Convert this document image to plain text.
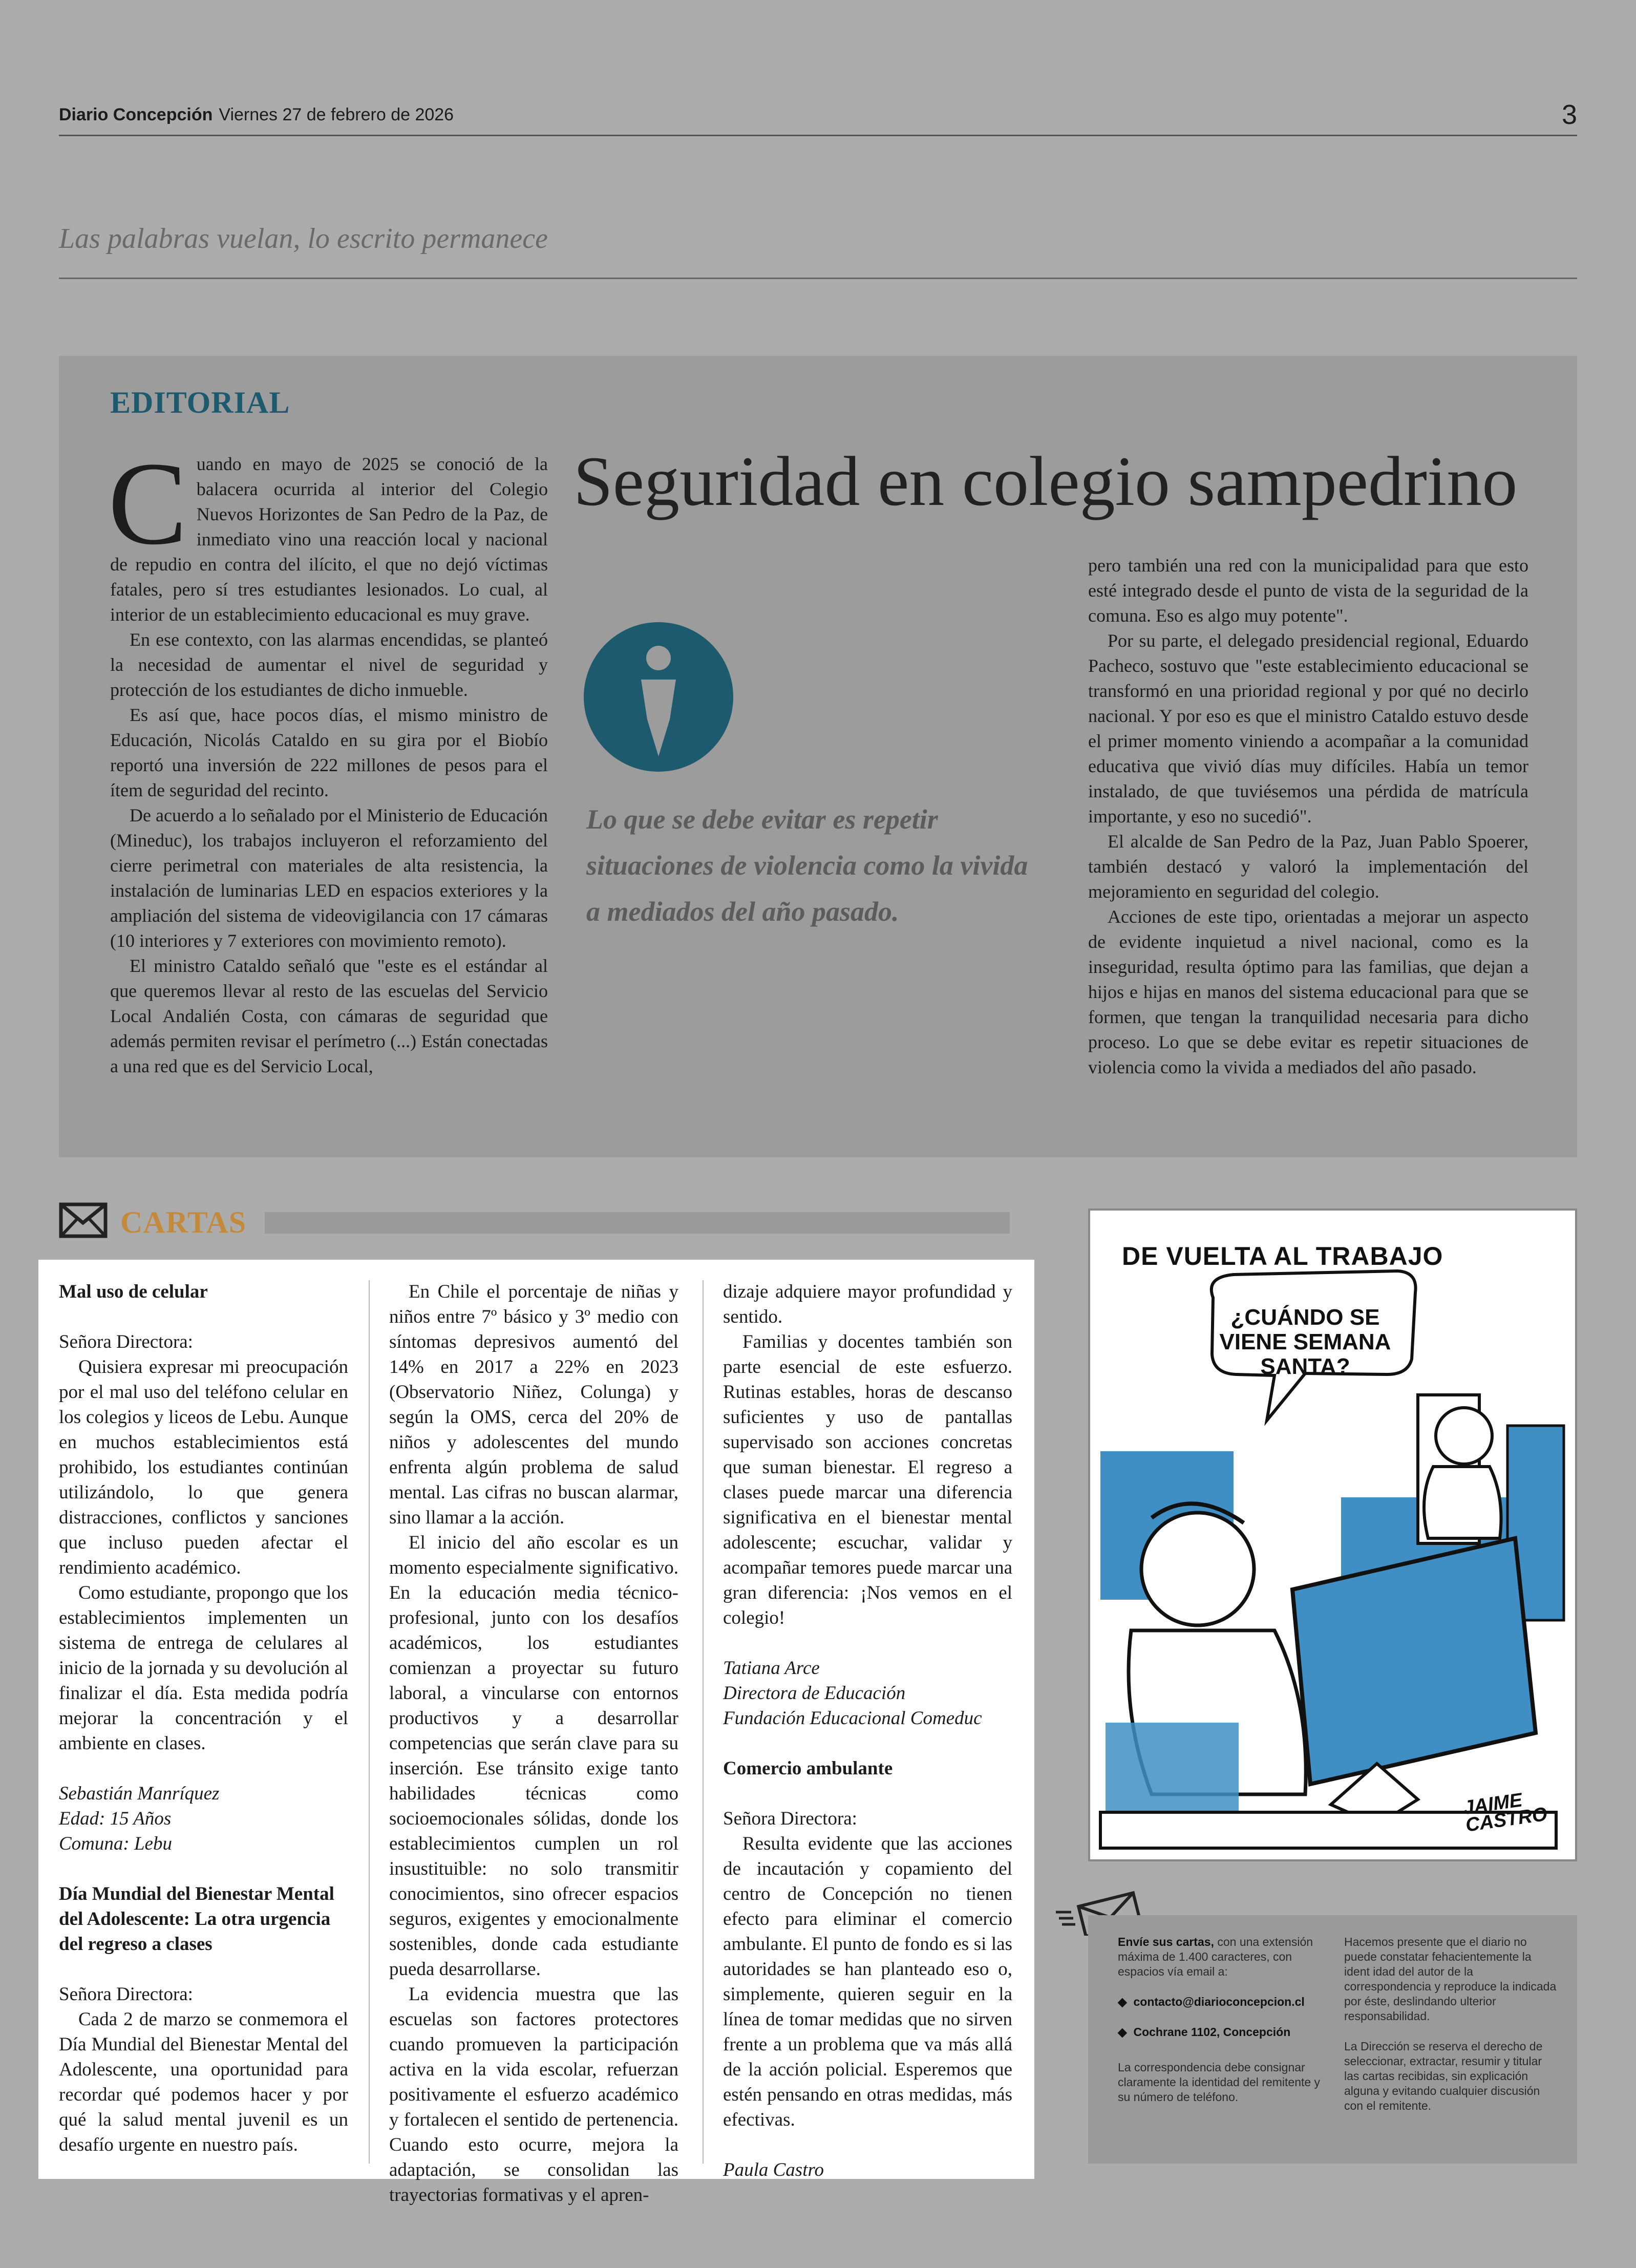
Diario Concepción Viernes 27 de febrero de 2026	3
Las palabras vuelan, lo escrito permanece
EDITORIAL
Seguridad en colegio sampedrino

Cuando en mayo de 2025 se conoció de la balacera ocurrida al interior del Colegio Nuevos Horizontes de San Pedro de la Paz, de inmediato vino una reacción local y nacional de repudio en contra del ilícito, el que no dejó víctimas fatales, pero sí tres estudiantes lesionados. Lo cual, al interior de un establecimiento educacional es muy grave.

En ese contexto, con las alarmas encendidas, se planteó la necesidad de aumentar el nivel de seguridad y protección de los estudiantes de dicho inmueble.

Es así que, hace pocos días, el mismo ministro de Educación, Nicolás Cataldo en su gira por el Biobío reportó una inversión de 222 millones de pesos para el ítem de seguridad del recinto.

De acuerdo a lo señalado por el Ministerio de Educación (Mineduc), los trabajos incluyeron el reforzamiento del cierre perimetral con materiales de alta resistencia, la instalación de luminarias LED en espacios exteriores y la ampliación del sistema de videovigilancia con 17 cámaras (10 interiores y 7 exteriores con movimiento remoto).

El ministro Cataldo señaló que "este es el estándar al que queremos llevar al resto de las escuelas del Servicio Local Andalién Costa, con cámaras de seguridad que además permiten revisar el perímetro (...) Están conectadas a una red que es del Servicio Local,

Lo que se debe evitar es repetir situaciones de violencia como la vivida a mediados del año pasado.

pero también una red con la municipalidad para que esto esté integrado desde el punto de vista de la seguridad de la comuna. Eso es algo muy potente".

Por su parte, el delegado presidencial regional, Eduardo Pacheco, sostuvo que "este establecimiento educacional se transformó en una prioridad regional y por qué no decirlo nacional. Y por eso es que el ministro Cataldo estuvo desde el primer momento viniendo a acompañar a la comunidad educativa que vivió días muy difíciles. Había un temor instalado, de que tuviésemos una pérdida de matrícula importante, y eso no sucedió".

El alcalde de San Pedro de la Paz, Juan Pablo Spoerer, también destacó y valoró la implementación del mejoramiento en seguridad del colegio.

Acciones de este tipo, orientadas a mejorar un aspecto de evidente inquietud a nivel nacional, como es la inseguridad, resulta óptimo para las familias, que dejan a hijos e hijas en manos del sistema educacional para que se formen, que tengan la tranquilidad necesaria para dicho proceso. Lo que se debe evitar es repetir situaciones de violencia como la vivida a mediados del año pasado.

CARTAS

Mal uso de celular

Señora Directora:

Quisiera expresar mi preocupación por el mal uso del teléfono celular en los colegios y liceos de Lebu. Aunque en muchos establecimientos está prohibido, los estudiantes continúan utilizándolo, lo que genera distracciones, conflictos y sanciones que incluso pueden afectar el rendimiento académico.

Como estudiante, propongo que los establecimientos implementen un sistema de entrega de celulares al inicio de la jornada y su devolución al finalizar el día. Esta medida podría mejorar la concentración y el ambiente en clases.

Sebastián Manríquez

Edad: 15 Años

Comuna: Lebu

Día Mundial del Bienestar Mental del Adolescente: La otra urgencia del regreso a clases

Señora Directora:

Cada 2 de marzo se conmemora el Día Mundial del Bienestar Mental del Adolescente, una oportunidad para recordar qué podemos hacer y por qué la salud mental juvenil es un desafío urgente en nuestro país.

En Chile el porcentaje de niñas y niños entre 7º básico y 3º medio con síntomas depresivos aumentó del 14% en 2017 a 22% en 2023 (Observatorio Niñez, Colunga) y según la OMS, cerca del 20% de niños y adolescentes del mundo enfrenta algún problema de salud mental. Las cifras no buscan alarmar, sino llamar a la acción.

El inicio del año escolar es un momento especialmente significativo. En la educación media técnico-profesional, junto con los desafíos académicos, los estudiantes comienzan a proyectar su futuro laboral, a vincularse con entornos productivos y a desarrollar competencias que serán clave para su inserción. Ese tránsito exige tanto habilidades técnicas como socioemocionales sólidas, donde los establecimientos cumplen un rol insustituible: no solo transmitir conocimientos, sino ofrecer espacios seguros, exigentes y emocionalmente sostenibles, donde cada estudiante pueda desarrollarse.

La evidencia muestra que las escuelas son factores protectores cuando promueven la participación activa en la vida escolar, refuerzan positivamente el esfuerzo académico y fortalecen el sentido de pertenencia. Cuando esto ocurre, mejora la adaptación, se consolidan las trayectorias formativas y el apren-

dizaje adquiere mayor profundidad y sentido.

Familias y docentes también son parte esencial de este esfuerzo. Rutinas estables, horas de descanso suficientes y uso de pantallas supervisado son acciones concretas que suman bienestar. El regreso a clases puede marcar una diferencia significativa en el bienestar mental adolescente; escuchar, validar y acompañar temores puede marcar una gran diferencia: ¡Nos vemos en el colegio!

Tatiana Arce

Directora de Educación

Fundación Educacional Comeduc

Comercio ambulante

Señora Directora:

Resulta evidente que las acciones de incautación y copamiento del centro de Concepción no tienen efecto para eliminar el comercio ambulante. El punto de fondo es si las autoridades se han planteado eso o, simplemente, quieren seguir en la línea de tomar medidas que no sirven frente a un problema que va más allá de la acción policial. Esperemos que estén pensando en otras medidas, más efectivas.

Paula Castro

DE VUELTA AL TRABAJO
¿CUÁNDO SE VIENE SEMANA SANTA?
JAIME CASTRO
Envíe sus cartas, con una extensión máxima de 1.400 caracteres, con espacios vía email a:
◆ contacto@diarioconcepcion.cl
◆ Cochrane 1102, Concepción
La correspondencia debe consignar claramente la identidad del remitente y su número de teléfono.
Hacemos presente que el diario no puede constatar fehacientemente la ident idad del autor de la correspondencia y reproduce la indicada por éste, deslindando ulterior responsabilidad.
La Dirección se reserva el derecho de seleccionar, extractar, resumir y titular las cartas recibidas, sin explicación alguna y evitando cualquier discusión con el remitente.
